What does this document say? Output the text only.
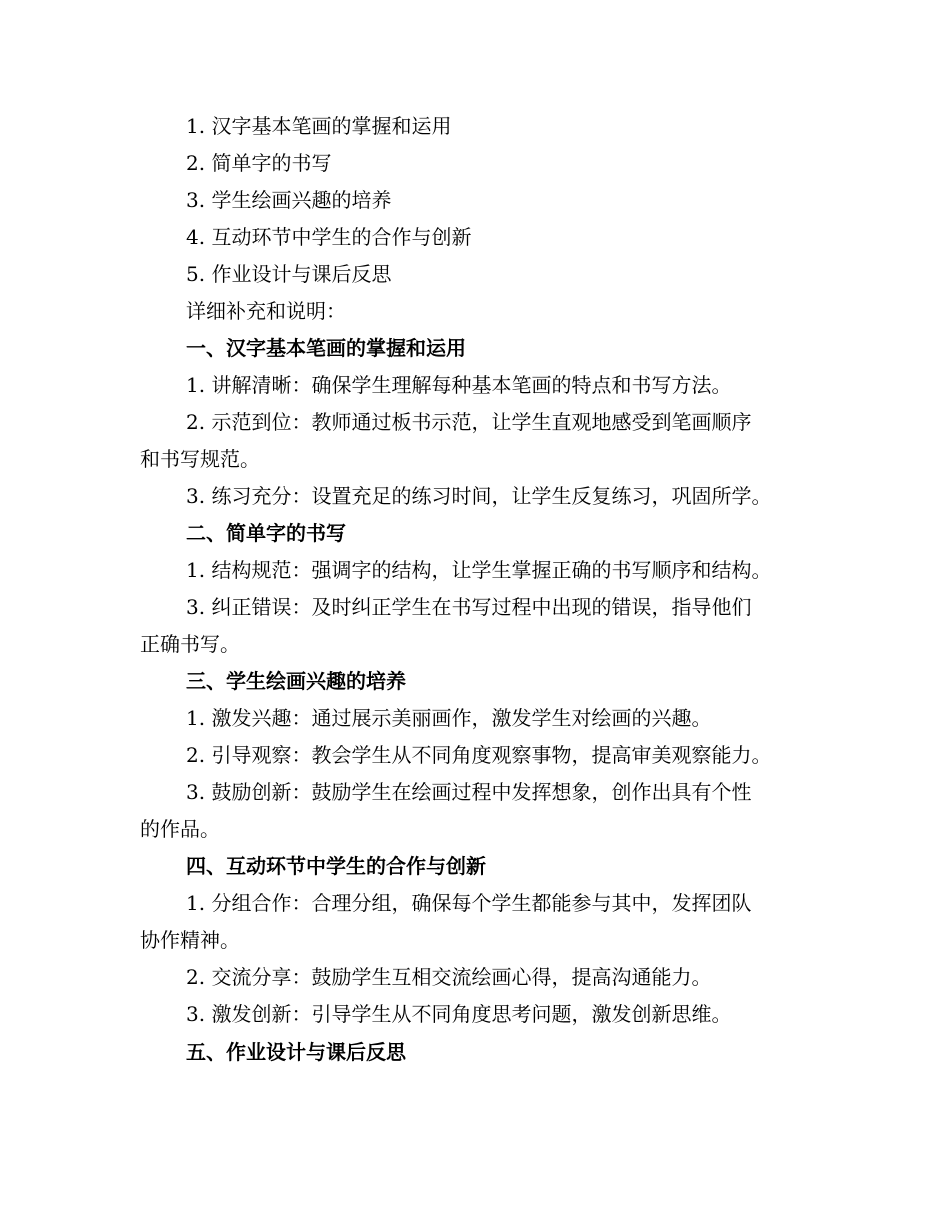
1. 汉字基本笔画的掌握和运用
2. 简单字的书写
3. 学生绘画兴趣的培养
4. 互动环节中学生的合作与创新
5. 作业设计与课后反思
详细补充和说明：
一、汉字基本笔画的掌握和运用
1. 讲解清晰：确保学生理解每种基本笔画的特点和书写方法。
2. 示范到位：教师通过板书示范，让学生直观地感受到笔画顺序
和书写规范。
3. 练习充分：设置充足的练习时间，让学生反复练习，巩固所学。
二、简单字的书写
1. 结构规范：强调字的结构，让学生掌握正确的书写顺序和结构。
3. 纠正错误：及时纠正学生在书写过程中出现的错误，指导他们
正确书写。
三、学生绘画兴趣的培养
1. 激发兴趣：通过展示美丽画作，激发学生对绘画的兴趣。
2. 引导观察：教会学生从不同角度观察事物，提高审美观察能力。
3. 鼓励创新：鼓励学生在绘画过程中发挥想象，创作出具有个性
的作品。
四、互动环节中学生的合作与创新
1. 分组合作：合理分组，确保每个学生都能参与其中，发挥团队
协作精神。
2. 交流分享：鼓励学生互相交流绘画心得，提高沟通能力。
3. 激发创新：引导学生从不同角度思考问题，激发创新思维。
五、作业设计与课后反思
